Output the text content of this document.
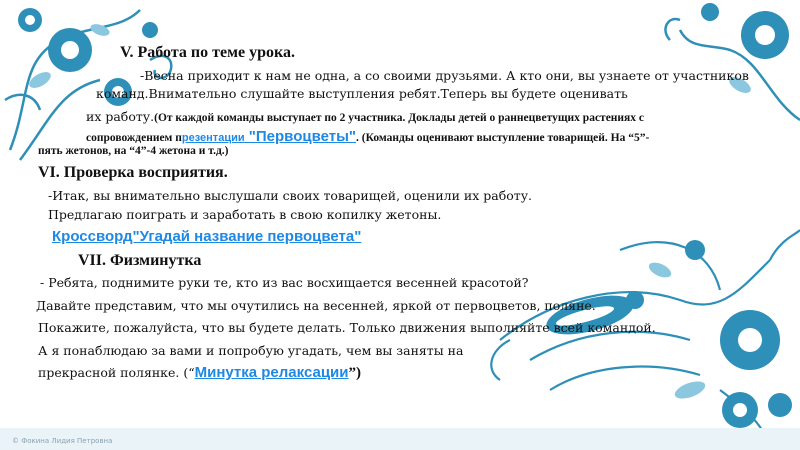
© Фокина Лидия Петровна
V. Работа по теме урока.
-Весна приходит к нам не одна, а со своими друзьями. А кто они, вы узнаете от участников
команд.Внимательно слушайте выступления ребят.Теперь вы будете оценивать
их работу.(От каждой команды выступает по 2 участника. Доклады детей о раннецветущих растениях с
сопровождением презентации "Первоцветы". (Команды оценивают выступление товарищей. На “5”-
пять жетонов, на “4”-4 жетона и т.д.)
VI. Проверка восприятия.
-Итак, вы внимательно выслушали своих товарищей, оценили их работу.
Предлагаю поиграть и заработать в свою копилку жетоны.
Кроссворд"Угадай название первоцвета"
VII. Физминутка
- Ребята, поднимите руки те, кто из вас восхищается весенней красотой?
Давайте представим, что мы очутились на весенней, яркой от первоцветов, поляне.
Покажите, пожалуйста, что вы будете делать. Только движения выполняйте всей командой.
А я понаблюдаю за вами и попробую угадать, чем вы заняты на
прекрасной полянке. (“Минутка релаксации”)
